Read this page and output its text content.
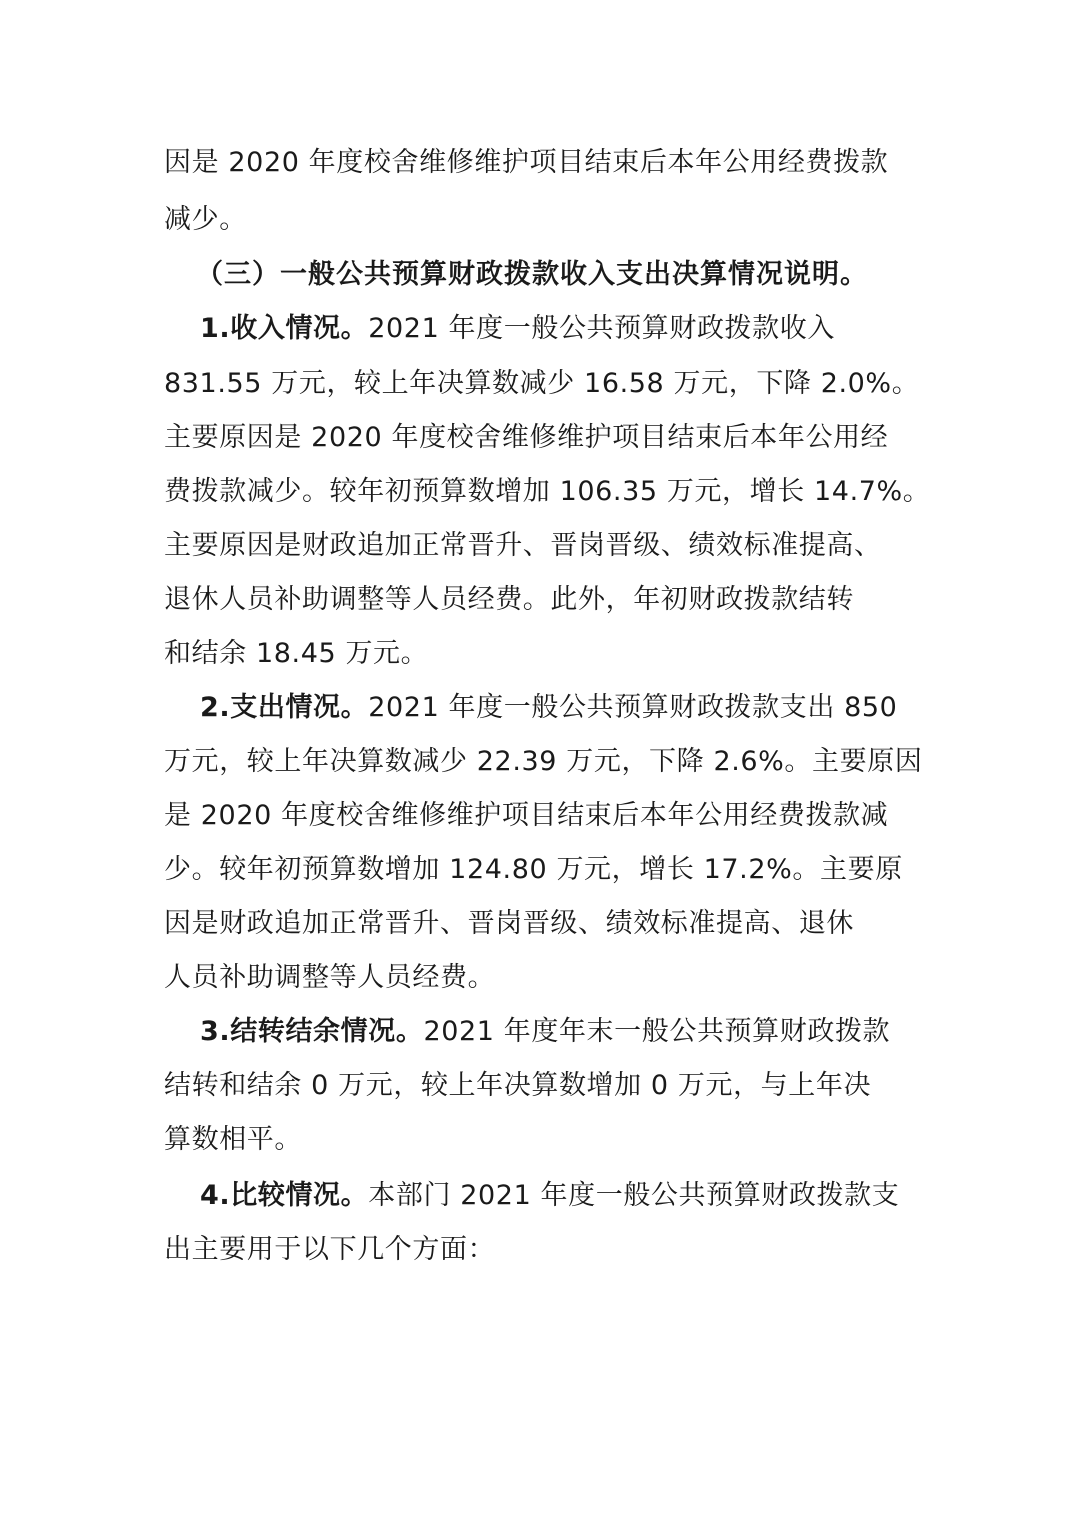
因是 2020 年度校舍维修维护项目结束后本年公用经费拨款
减少。
（三）一般公共预算财政拨款收入支出决算情况说明。
1.收入情况。2021 年度一般公共预算财政拨款收入
831.55 万元，较上年决算数减少 16.58 万元，下降 2.0%。
主要原因是 2020 年度校舍维修维护项目结束后本年公用经
费拨款减少。较年初预算数增加 106.35 万元，增长 14.7%。
主要原因是财政追加正常晋升、晋岗晋级、绩效标准提高、
退休人员补助调整等人员经费。此外，年初财政拨款结转
和结余 18.45 万元。
2.支出情况。2021 年度一般公共预算财政拨款支出 850
万元，较上年决算数减少 22.39 万元，下降 2.6%。主要原因
是 2020 年度校舍维修维护项目结束后本年公用经费拨款减
少。较年初预算数增加 124.80 万元，增长 17.2%。主要原
因是财政追加正常晋升、晋岗晋级、绩效标准提高、退休
人员补助调整等人员经费。
3.结转结余情况。2021 年度年末一般公共预算财政拨款
结转和结余 0 万元，较上年决算数增加 0 万元，与上年决
算数相平。
4.比较情况。本部门 2021 年度一般公共预算财政拨款支
出主要用于以下几个方面：
